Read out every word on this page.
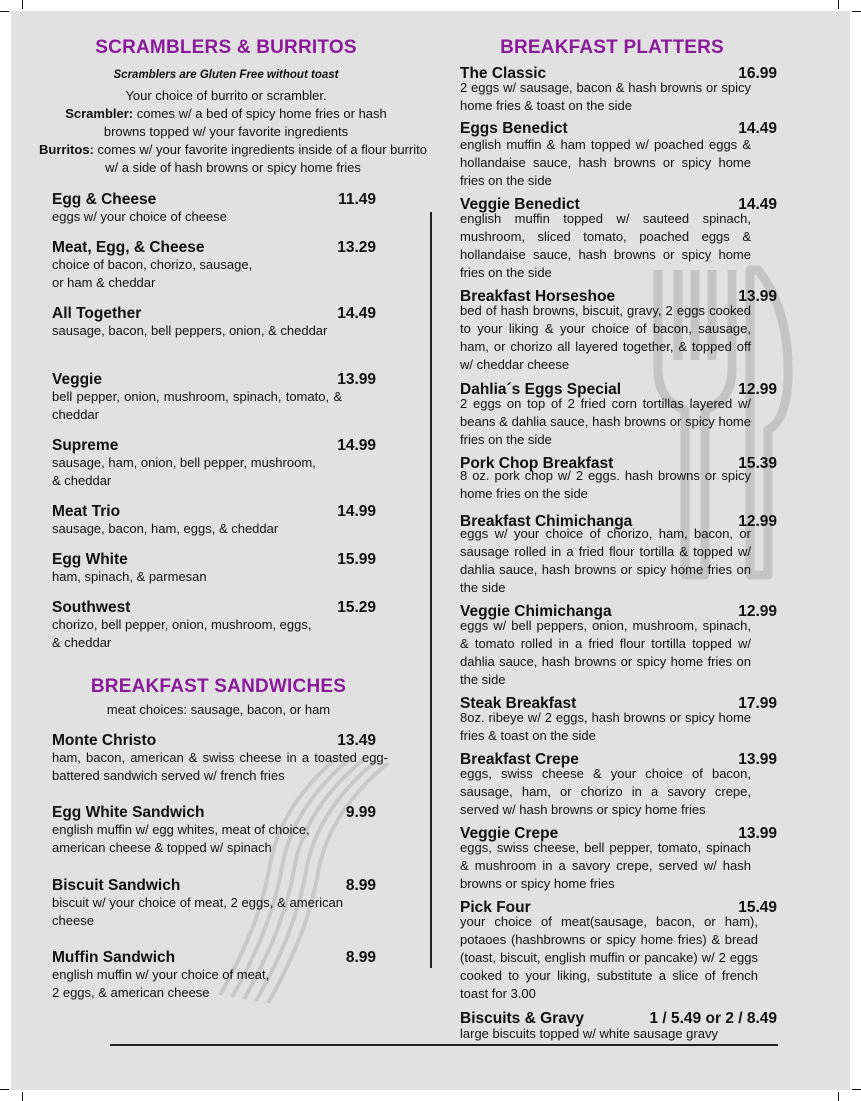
SCRAMBLERS & BURRITOS
Scramblers are Gluten Free without toast
Your choice of burrito or scrambler.
Scrambler: comes w/ a bed of spicy home fries or hash browns topped w/ your favorite ingredients
Burritos: comes w/ your favorite ingredients inside of a flour burrito w/ a side of hash browns or spicy home fries
Egg & Cheese	11.49
eggs w/ your choice of cheese
Meat, Egg, & Cheese	13.29
choice of bacon, chorizo, sausage,
or ham & cheddar
All Together	14.49
sausage, bacon, bell peppers, onion, & cheddar
Veggie	13.99
bell pepper, onion, mushroom, spinach, tomato, & cheddar
Supreme	14.99
sausage, ham, onion, bell pepper, mushroom,
& cheddar
Meat Trio	14.99
sausage, bacon, ham, eggs, & cheddar
Egg White	15.99
ham, spinach, & parmesan
Southwest	15.29
chorizo, bell pepper, onion, mushroom, eggs,
& cheddar
BREAKFAST SANDWICHES
meat choices: sausage, bacon, or ham
Monte Christo	13.49
ham, bacon, american & swiss cheese in a toasted egg-battered sandwich served w/ french fries
Egg White Sandwich	9.99
english muffin w/ egg whites, meat of choice,
american cheese & topped w/ spinach
Biscuit Sandwich	8.99
biscuit w/ your choice of meat, 2 eggs, & american cheese
Muffin Sandwich	8.99
english muffin w/ your choice of meat,
2 eggs, & american cheese
BREAKFAST PLATTERS
The Classic	16.99
2 eggs w/ sausage, bacon & hash browns or spicy home fries & toast on the side
Eggs Benedict	14.49
english muffin & ham topped w/ poached eggs & hollandaise sauce, hash browns or spicy home fries on the side
Veggie Benedict	14.49
english muffin topped w/ sauteed spinach, mushroom, sliced tomato, poached eggs & hollandaise sauce, hash browns or spicy home fries on the side
Breakfast Horseshoe	13.99
bed of hash browns, biscuit, gravy, 2 eggs cooked to your liking & your choice of bacon, sausage, ham, or chorizo all layered together, & topped off w/ cheddar cheese
Dahlia´s Eggs Special	12.99
2 eggs on top of 2 fried corn tortillas layered w/ beans & dahlia sauce, hash browns or spicy home fries on the side
Pork Chop Breakfast	15.39
8 oz. pork chop w/ 2 eggs. hash browns or spicy home fries on the side
Breakfast Chimichanga	12.99
eggs w/ your choice of chorizo, ham, bacon, or sausage rolled in a fried flour tortilla & topped w/ dahlia sauce, hash browns or spicy home fries on the side
Veggie Chimichanga	12.99
eggs w/ bell peppers, onion, mushroom, spinach, & tomato rolled in a fried flour tortilla topped w/ dahlia sauce, hash browns or spicy home fries on the side
Steak Breakfast	17.99
8oz. ribeye w/ 2 eggs, hash browns or spicy home fries & toast on the side
Breakfast Crepe	13.99
eggs, swiss cheese & your choice of bacon, sausage, ham, or chorizo in a savory crepe, served w/ hash browns or spicy home fries
Veggie Crepe	13.99
eggs, swiss cheese, bell pepper, tomato, spinach & mushroom in a savory crepe, served w/ hash browns or spicy home fries
Pick Four	15.49
your choice of meat(sausage, bacon, or ham), potaoes (hashbrowns or spicy home fries) & bread (toast, biscuit, english muffin or pancake) w/ 2 eggs cooked to your liking, substitute a slice of french toast for 3.00
Biscuits & Gravy	1 / 5.49 or 2 / 8.49
large biscuits topped w/ white sausage gravy
